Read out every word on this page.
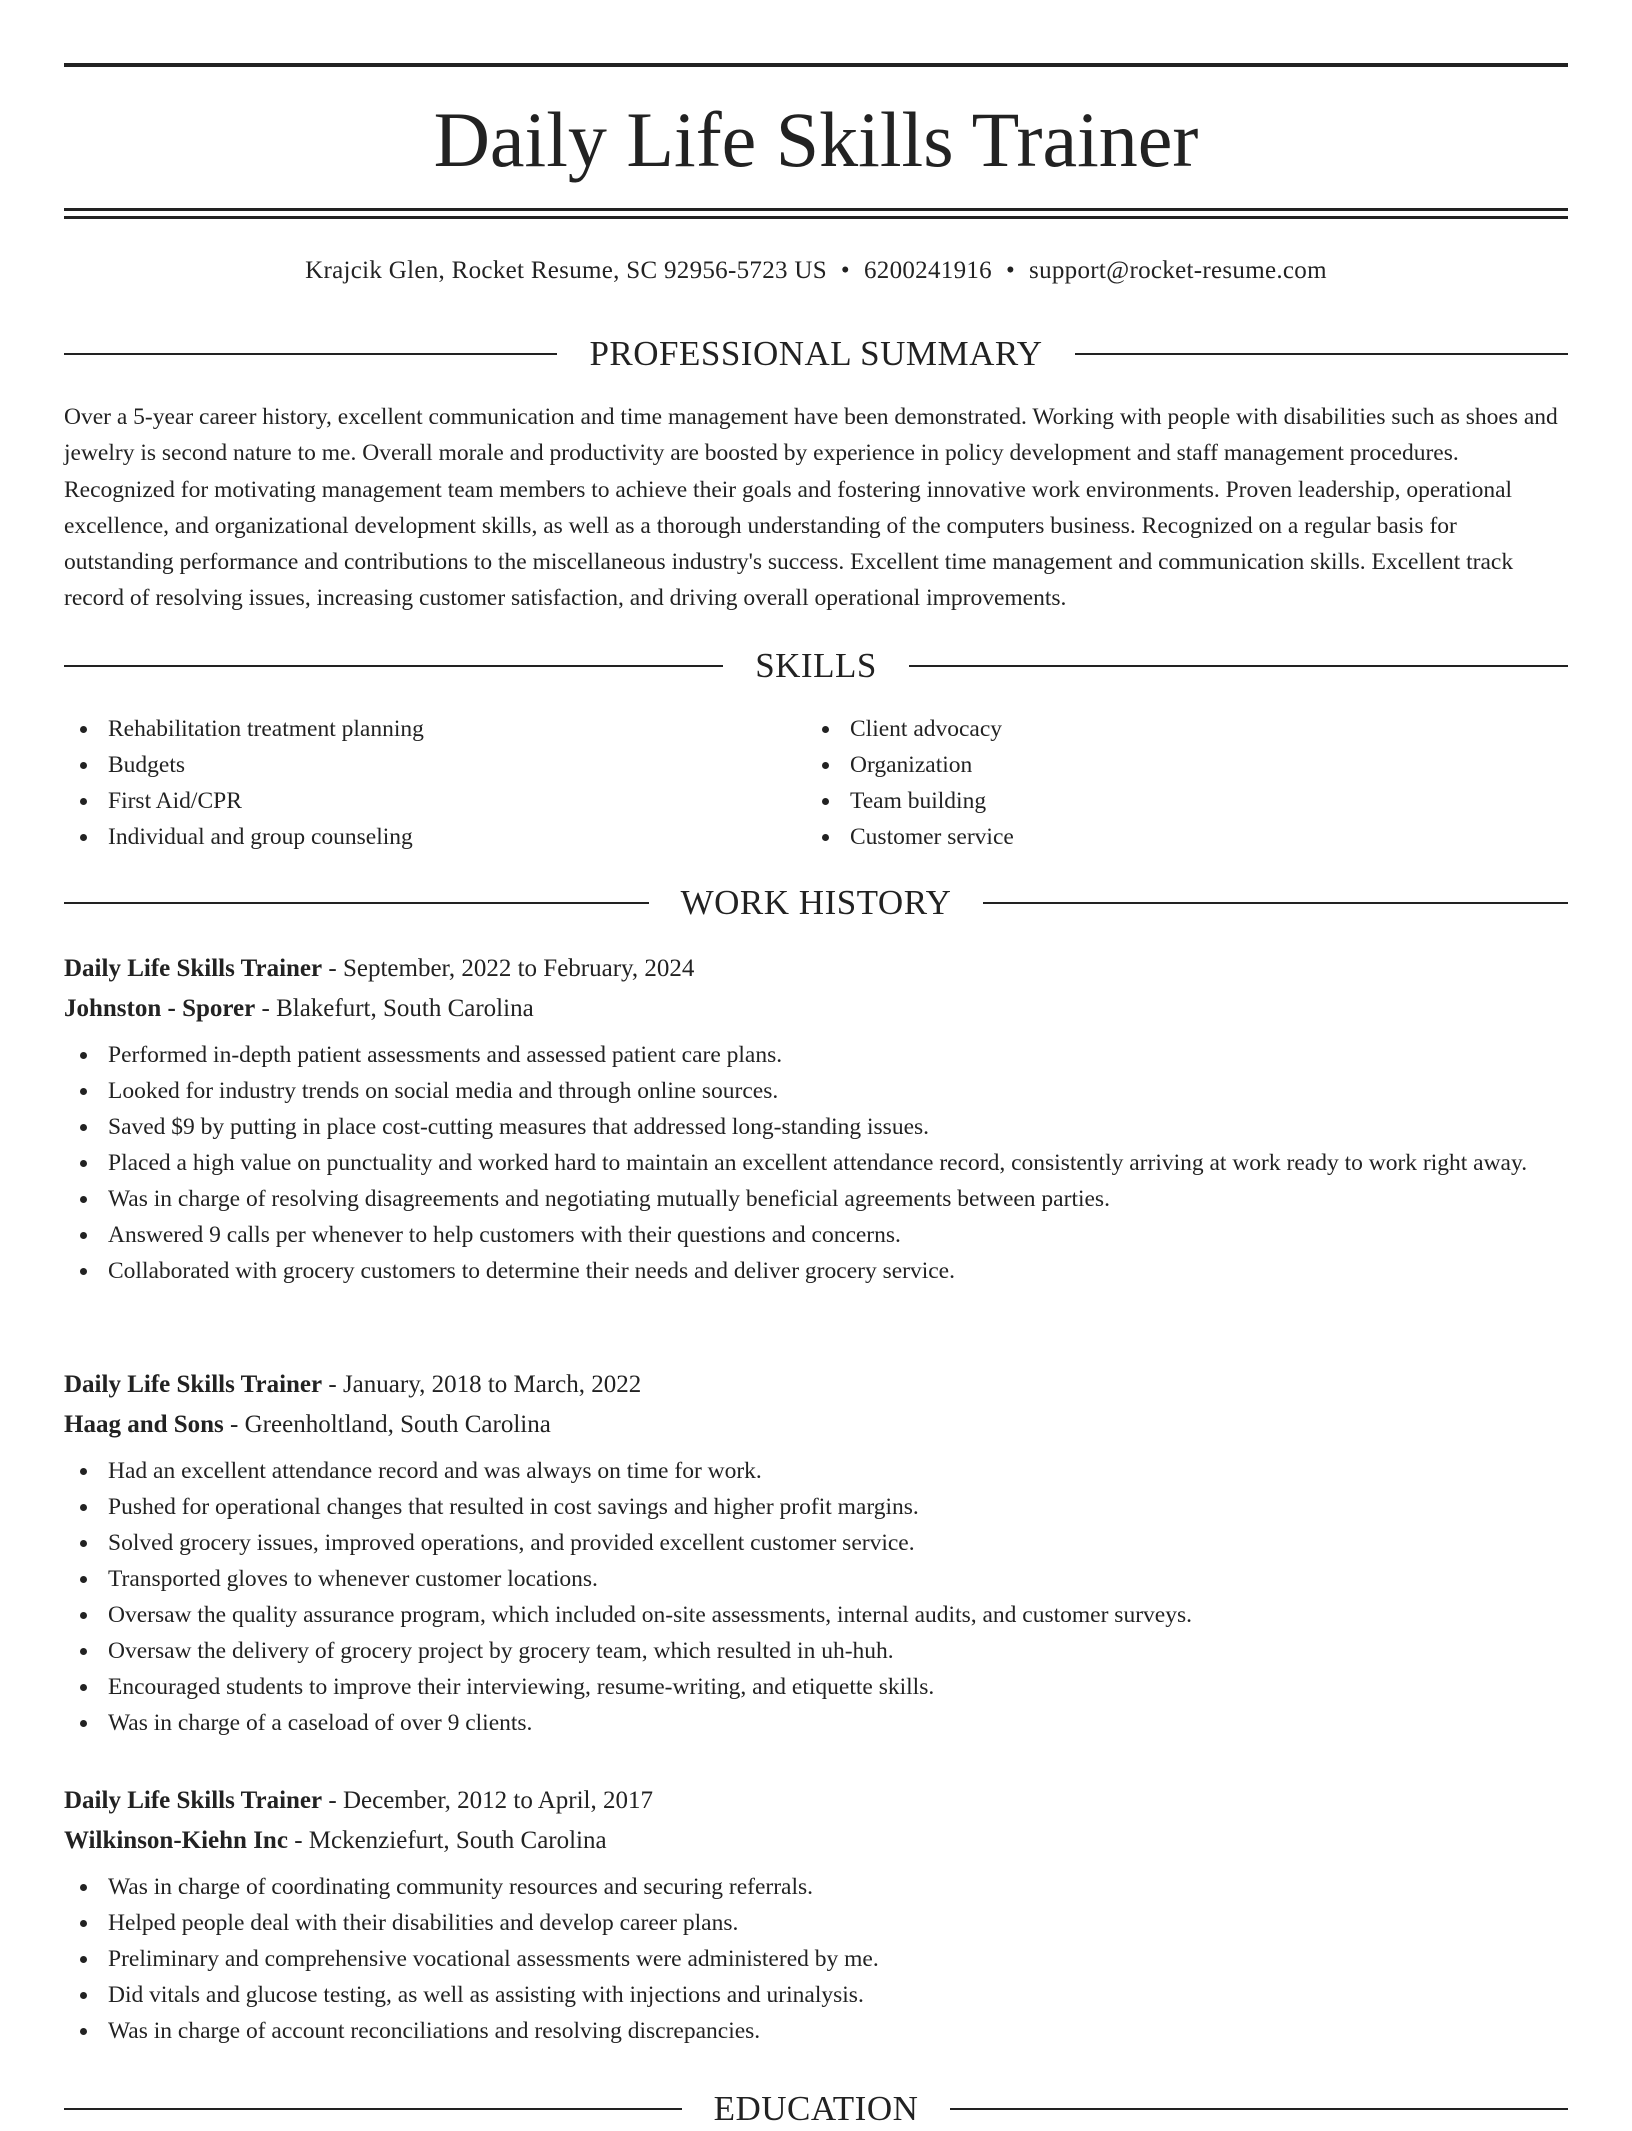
Daily Life Skills Trainer
Krajcik Glen, Rocket Resume, SC 92956-5723 US • 6200241916 • support@rocket-resume.com
PROFESSIONAL SUMMARY

Over a 5-year career history, excellent communication and time management have been demonstrated. Working with people with disabilities such as shoes and jewelry is second nature to me. Overall morale and productivity are boosted by experience in policy development and staff management procedures. Recognized for motivating management team members to achieve their goals and fostering innovative work environments. Proven leadership, operational excellence, and organizational development skills, as well as a thorough understanding of the computers business. Recognized on a regular basis for outstanding performance and contributions to the miscellaneous industry's success. Excellent time management and communication skills. Excellent track record of resolving issues, increasing customer satisfaction, and driving overall operational improvements.

SKILLS
Rehabilitation treatment planning
Budgets
First Aid/CPR
Individual and group counseling
Client advocacy
Organization
Team building
Customer service
WORK HISTORY
Daily Life Skills Trainer - September, 2022 to February, 2024
Johnston - Sporer - Blakefurt, South Carolina
Performed in-depth patient assessments and assessed patient care plans.
Looked for industry trends on social media and through online sources.
Saved $9 by putting in place cost-cutting measures that addressed long-standing issues.
Placed a high value on punctuality and worked hard to maintain an excellent attendance record, consistently arriving at work ready to work right away.
Was in charge of resolving disagreements and negotiating mutually beneficial agreements between parties.
Answered 9 calls per whenever to help customers with their questions and concerns.
Collaborated with grocery customers to determine their needs and deliver grocery service.
Daily Life Skills Trainer - January, 2018 to March, 2022
Haag and Sons - Greenholtland, South Carolina
Had an excellent attendance record and was always on time for work.
Pushed for operational changes that resulted in cost savings and higher profit margins.
Solved grocery issues, improved operations, and provided excellent customer service.
Transported gloves to whenever customer locations.
Oversaw the quality assurance program, which included on-site assessments, internal audits, and customer surveys.
Oversaw the delivery of grocery project by grocery team, which resulted in uh-huh.
Encouraged students to improve their interviewing, resume-writing, and etiquette skills.
Was in charge of a caseload of over 9 clients.
Daily Life Skills Trainer - December, 2012 to April, 2017
Wilkinson-Kiehn Inc - Mckenziefurt, South Carolina
Was in charge of coordinating community resources and securing referrals.
Helped people deal with their disabilities and develop career plans.
Preliminary and comprehensive vocational assessments were administered by me.
Did vitals and glucose testing, as well as assisting with injections and urinalysis.
Was in charge of account reconciliations and resolving discrepancies.
EDUCATION
